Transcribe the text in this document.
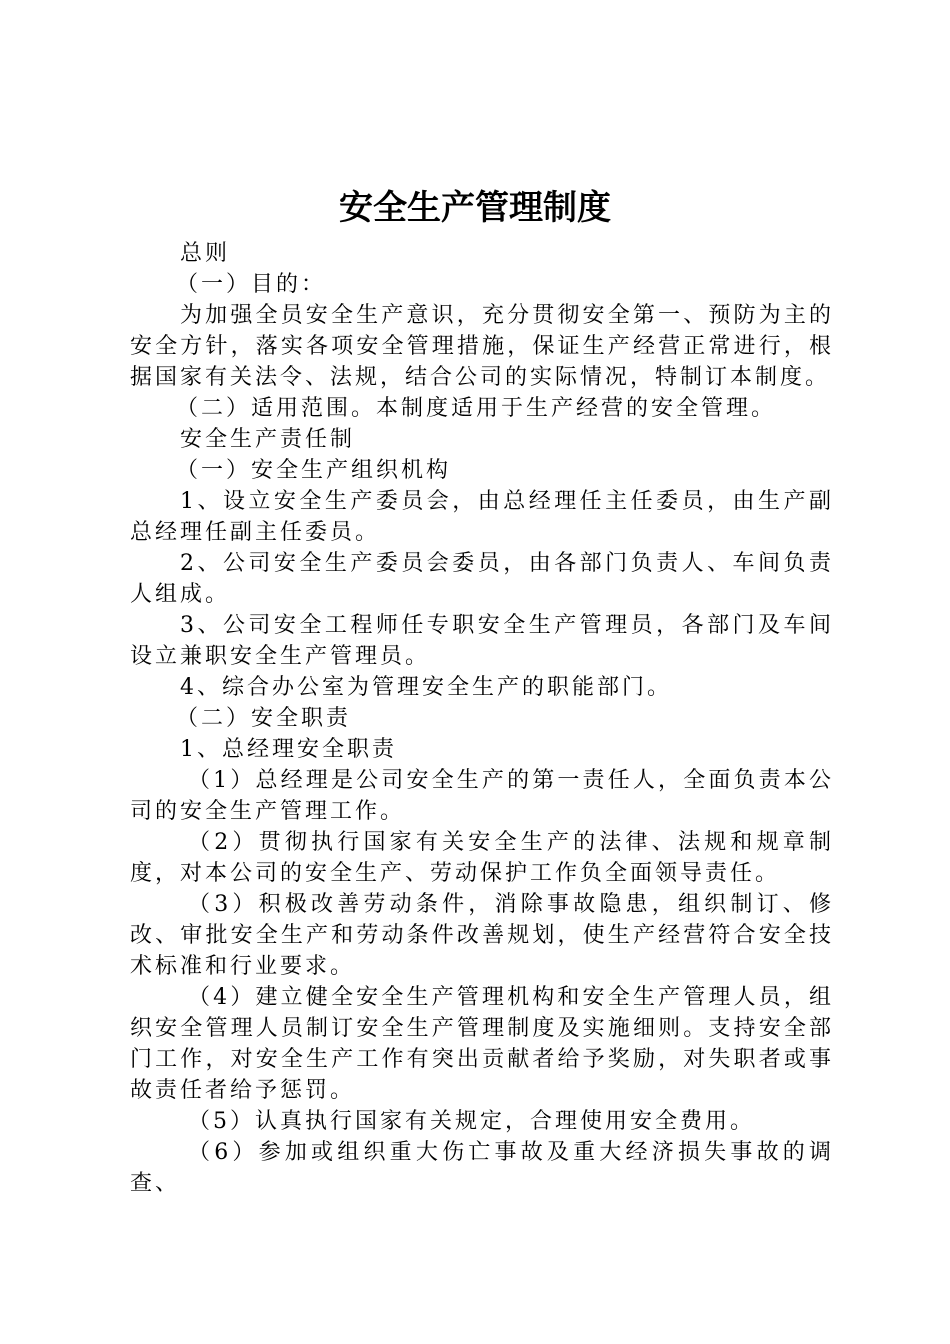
安全生产管理制度

总则

（一）目的：

为加强全员安全生产意识，充分贯彻安全第一、预防为主的安全方针，落实各项安全管理措施，保证生产经营正常进行，根据国家有关法令、法规，结合公司的实际情况，特制订本制度。

（二）适用范围。本制度适用于生产经营的安全管理。

安全生产责任制

（一）安全生产组织机构

1、设立安全生产委员会，由总经理任主任委员，由生产副总经理任副主任委员。

2、公司安全生产委员会委员，由各部门负责人、车间负责人组成。

3、公司安全工程师任专职安全生产管理员，各部门及车间设立兼职安全生产管理员。

4、综合办公室为管理安全生产的职能部门。

（二）安全职责

1、总经理安全职责

（1）总经理是公司安全生产的第一责任人，全面负责本公司的安全生产管理工作。

（2）贯彻执行国家有关安全生产的法律、法规和规章制度，对本公司的安全生产、劳动保护工作负全面领导责任。

（3）积极改善劳动条件，消除事故隐患，组织制订、修改、审批安全生产和劳动条件改善规划，使生产经营符合安全技术标准和行业要求。

（4）建立健全安全生产管理机构和安全生产管理人员，组织安全管理人员制订安全生产管理制度及实施细则。支持安全部门工作，对安全生产工作有突出贡献者给予奖励，对失职者或事故责任者给予惩罚。

（5）认真执行国家有关规定，合理使用安全费用。

（6）参加或组织重大伤亡事故及重大经济损失事故的调查、
